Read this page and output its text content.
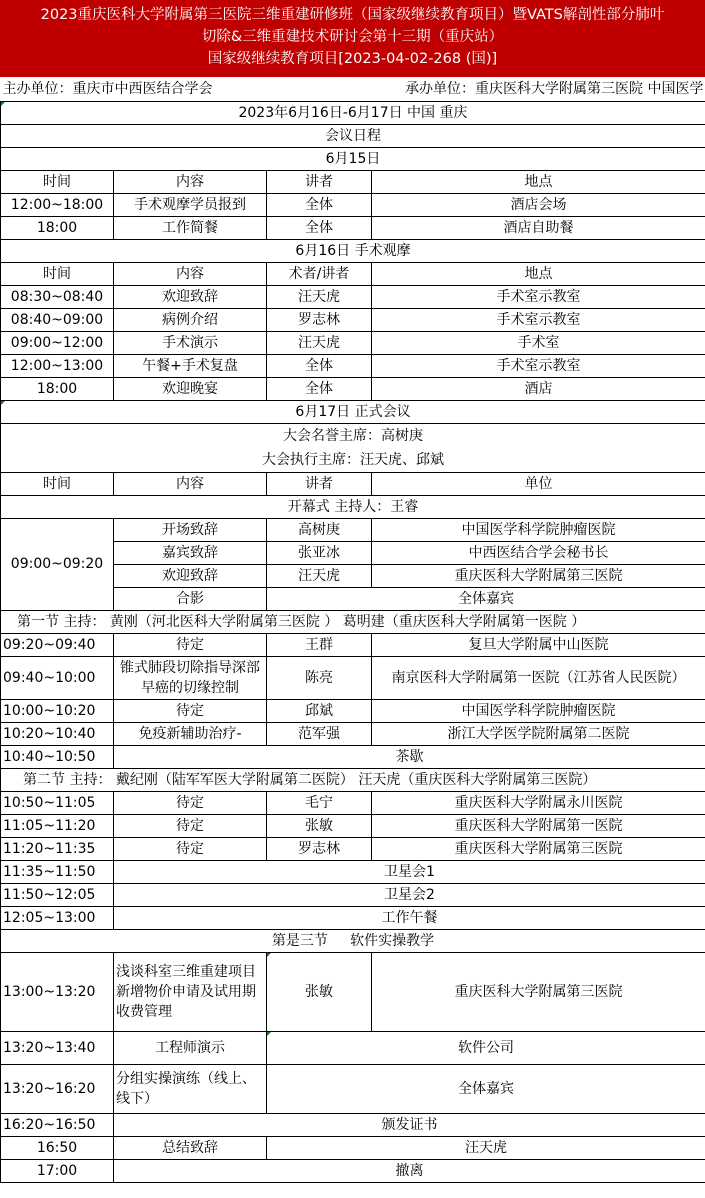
2023重庆医科大学附属第三医院三维重建研修班（国家级继续教育项目）暨VATS解剖性部分肺叶
切除&三维重建技术研讨会第十三期（重庆站）
国家级继续教育项目[2023-04-02-268 (国)]
主办单位：重庆市中西医结合学会 承办单位：重庆医科大学附属第三医院 中国医学			

2023年6月16日-6月17日 中国 重庆			
会议日程			
6月15日			
时间	内容	讲者	地点
12:00~18:00	手术观摩学员报到	全体	酒店会场
18:00	工作简餐	全体	酒店自助餐
6月16日 手术观摩			
时间	内容	术者/讲者	地点
08:30~08:40	欢迎致辞	汪天虎	手术室示教室
08:40~09:00	病例介绍	罗志林	手术室示教室
09:00~12:00	手术演示	汪天虎	手术室
12:00~13:00	午餐+手术复盘	全体	手术室示教室
18:00	欢迎晚宴	全体	酒店
6月17日 正式会议			

大会名誉主席：高树庚
大会执行主席：汪天虎、邱斌			

时间	内容	讲者	单位
开幕式 主持人：王睿			
09:00~09:20	开场致辞	高树庚	中国医学科学院肿瘤医院
	嘉宾致辞	张亚冰	中西医结合学会秘书长
	欢迎致辞	汪天虎	重庆医科大学附属第三医院
	合影	全体嘉宾	
第一节 主持： 黄刚（河北医科大学附属第三医院 ） 葛明建（重庆医科大学附属第一医院 ）			
09:20~09:40	待定	王群	复旦大学附属中山医院
09:40~10:00	锥式肺段切除指导深部早癌的切缘控制	陈亮	南京医科大学附属第一医院（江苏省人民医院）
10:00~10:20	待定	邱斌	中国医学科学院肿瘤医院
10:20~10:40	免疫新辅助治疗-	范军强	浙江大学医学院附属第二医院
10:40~10:50	茶歇		
第二节 主持： 戴纪刚（陆军军医大学附属第二医院） 汪天虎（重庆医科大学附属第三医院）			
10:50~11:05	待定	毛宁	重庆医科大学附属永川医院
11:05~11:20	待定	张敏	重庆医科大学附属第一医院
11:20~11:35	待定	罗志林	重庆医科大学附属第三医院
11:35~11:50	卫星会1		
11:50~12:05	卫星会2		
12:05~13:00	工作午餐		
第是三节     软件实操教学			
13:00~13:20	浅谈科室三维重建项目新增物价申请及试用期收费管理	张敏	重庆医科大学附属第三医院
13:20~13:40	工程师演示	软件公司	
13:20~16:20	分组实操演练（线上、线下）	全体嘉宾	
16:20~16:50	颁发证书		
16:50	总结致辞	汪天虎	
17:00	撤离		
